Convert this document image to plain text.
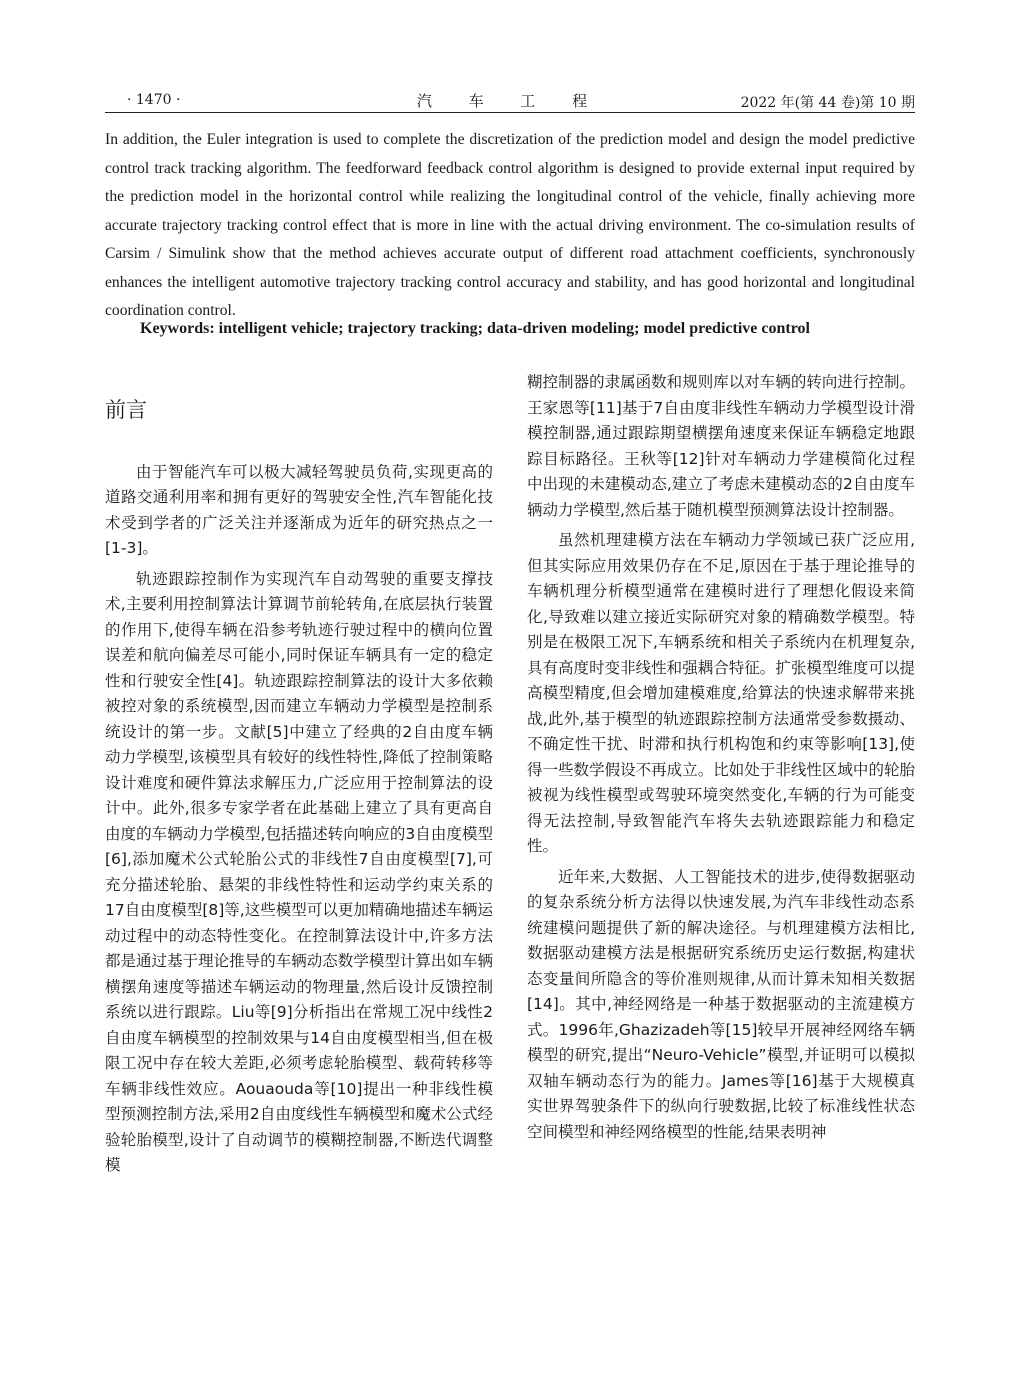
· 1470 ·	汽 车 工 程	2022 年(第 44 卷)第 10 期

In addition, the Euler integration is used to complete the discretization of the prediction model and design the model predictive control track tracking algorithm. The feedforward feedback control algorithm is designed to provide external input required by the prediction model in the horizontal control while realizing the longitudinal control of the vehicle, finally achieving more accurate trajectory tracking control effect that is more in line with the actual driving environment. The co-simulation results of Carsim / Simulink show that the method achieves accurate output of different road attachment coefficients, synchronously enhances the intelligent automotive trajectory tracking control accuracy and stability, and has good horizontal and longitudinal coordination control.

Keywords: intelligent vehicle; trajectory tracking; data-driven modeling; model predictive control
前言

由于智能汽车可以极大减轻驾驶员负荷,实现更高的道路交通利用率和拥有更好的驾驶安全性,汽车智能化技术受到学者的广泛关注并逐渐成为近年的研究热点之一[1-3]。

轨迹跟踪控制作为实现汽车自动驾驶的重要支撑技术,主要利用控制算法计算调节前轮转角,在底层执行装置的作用下,使得车辆在沿参考轨迹行驶过程中的横向位置误差和航向偏差尽可能小,同时保证车辆具有一定的稳定性和行驶安全性[4]。轨迹跟踪控制算法的设计大多依赖被控对象的系统模型,因而建立车辆动力学模型是控制系统设计的第一步。文献[5]中建立了经典的2自由度车辆动力学模型,该模型具有较好的线性特性,降低了控制策略设计难度和硬件算法求解压力,广泛应用于控制算法的设计中。此外,很多专家学者在此基础上建立了具有更高自由度的车辆动力学模型,包括描述转向响应的3自由度模型[6],添加魔术公式轮胎公式的非线性7自由度模型[7],可充分描述轮胎、悬架的非线性特性和运动学约束关系的17自由度模型[8]等,这些模型可以更加精确地描述车辆运动过程中的动态特性变化。在控制算法设计中,许多方法都是通过基于理论推导的车辆动态数学模型计算出如车辆横摆角速度等描述车辆运动的物理量,然后设计反馈控制系统以进行跟踪。Liu等[9]分析指出在常规工况中线性2自由度车辆模型的控制效果与14自由度模型相当,但在极限工况中存在较大差距,必须考虑轮胎模型、载荷转移等车辆非线性效应。Aouaouda等[10]提出一种非线性模型预测控制方法,采用2自由度线性车辆模型和魔术公式经验轮胎模型,设计了自动调节的模糊控制器,不断迭代调整模

糊控制器的隶属函数和规则库以对车辆的转向进行控制。王家恩等[11]基于7自由度非线性车辆动力学模型设计滑模控制器,通过跟踪期望横摆角速度来保证车辆稳定地跟踪目标路径。王秋等[12]针对车辆动力学建模简化过程中出现的未建模动态,建立了考虑未建模动态的2自由度车辆动力学模型,然后基于随机模型预测算法设计控制器。

虽然机理建模方法在车辆动力学领域已获广泛应用,但其实际应用效果仍存在不足,原因在于基于理论推导的车辆机理分析模型通常在建模时进行了理想化假设来简化,导致难以建立接近实际研究对象的精确数学模型。特别是在极限工况下,车辆系统和相关子系统内在机理复杂,具有高度时变非线性和强耦合特征。扩张模型维度可以提高模型精度,但会增加建模难度,给算法的快速求解带来挑战,此外,基于模型的轨迹跟踪控制方法通常受参数摄动、不确定性干扰、时滞和执行机构饱和约束等影响[13],使得一些数学假设不再成立。比如处于非线性区域中的轮胎被视为线性模型或驾驶环境突然变化,车辆的行为可能变得无法控制,导致智能汽车将失去轨迹跟踪能力和稳定性。

近年来,大数据、人工智能技术的进步,使得数据驱动的复杂系统分析方法得以快速发展,为汽车非线性动态系统建模问题提供了新的解决途径。与机理建模方法相比,数据驱动建模方法是根据研究系统历史运行数据,构建状态变量间所隐含的等价准则规律,从而计算未知相关数据[14]。其中,神经网络是一种基于数据驱动的主流建模方式。1996年,Ghazizadeh等[15]较早开展神经网络车辆模型的研究,提出“Neuro-Vehicle”模型,并证明可以模拟双轴车辆动态行为的能力。James等[16]基于大规模真实世界驾驶条件下的纵向行驶数据,比较了标准线性状态空间模型和神经网络模型的性能,结果表明神
